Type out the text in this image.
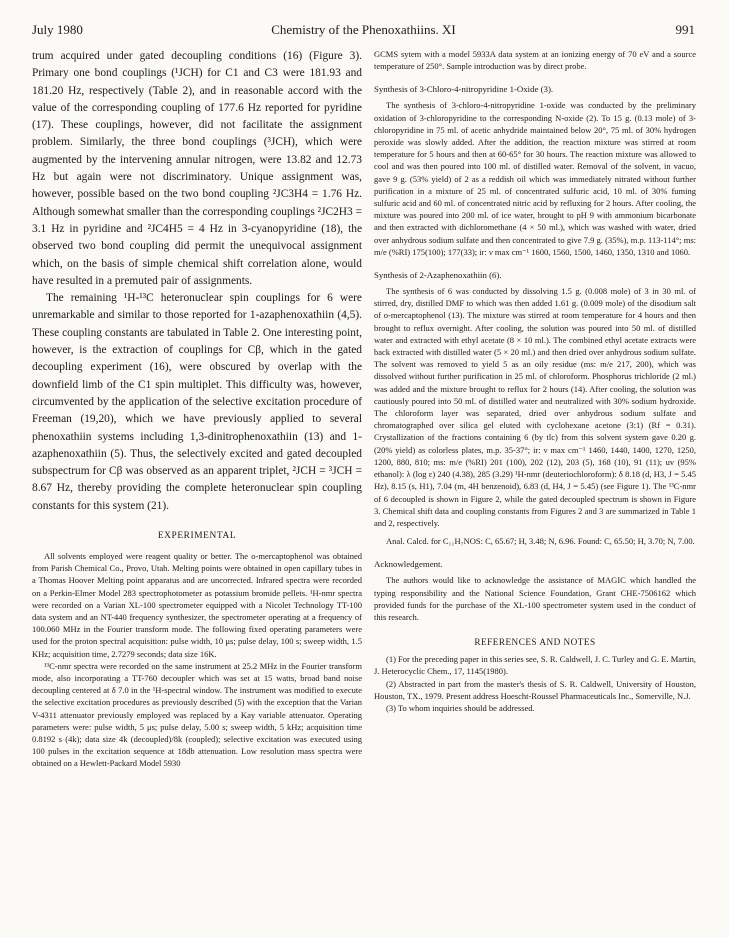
July 1980	Chemistry of the Phenoxathiins. XI	991

trum acquired under gated decoupling conditions (16) (Figure 3). Primary one bond couplings (¹JCH) for C1 and C3 were 181.93 and 181.20 Hz, respectively (Table 2), and in reasonable accord with the value of the corresponding coupling of 177.6 Hz reported for pyridine (17). These couplings, however, did not facilitate the assignment problem. Similarly, the three bond couplings (³JCH), which were augmented by the intervening annular nitrogen, were 13.82 and 12.73 Hz but again were not discriminatory. Unique assignment was, however, possible based on the two bond coupling ²JC3H4 = 1.76 Hz. Although somewhat smaller than the corresponding couplings ²JC2H3 = 3.1 Hz in pyridine and ²JC4H5 = 4 Hz in 3-cyanopyridine (18), the observed two bond coupling did permit the unequivocal assignment which, on the basis of simple chemical shift correlation alone, would have resulted in a premuted pair of assignments.

The remaining ¹H-¹³C heteronuclear spin couplings for 6 were unremarkable and similar to those reported for 1-azaphenoxathiin (4,5). These coupling constants are tabulated in Table 2. One interesting point, however, is the extraction of couplings for Cβ, which in the gated decoupling experiment (16), were obscured by overlap with the downfield limb of the C1 spin multiplet. This difficulty was, however, circumvented by the application of the selective excitation procedure of Freeman (19,20), which we have previously applied to several phenoxathiin systems including 1,3-dinitrophenoxathiin (13) and 1-azaphenoxathiin (5). Thus, the selectively excited and gated decoupled subspectrum for Cβ was observed as an apparent triplet, ²JCH = ³JCH = 8.67 Hz, thereby providing the complete heteronuclear spin coupling constants for this system (21).

EXPERIMENTAL

All solvents employed were reagent quality or better. The o-mercaptophenol was obtained from Parish Chemical Co., Provo, Utah. Melting points were obtained in open capillary tubes in a Thomas Hoover Melting point apparatus and are uncorrected. Infrared spectra were recorded on a Perkin-Elmer Model 283 spectrophotometer as potassium bromide pellets. ¹H-nmr spectra were recorded on a Varian XL-100 spectrometer equipped with a Nicolet Technology TT-100 data system and an NT-440 frequency synthesizer, the spectrometer operating at a frequency of 100.060 MHz in the Fourier transform mode. The following fixed operating parameters were used for the proton spectral acquisition: pulse width, 10 μs; pulse delay, 100 s; sweep width, 1.5 KHz; acquisition time, 2.7279 seconds; data size 16K.

¹³C-nmr spectra were recorded on the same instrument at 25.2 MHz in the Fourier transform mode, also incorporating a TT-760 decoupler which was set at 15 watts, broad band noise decoupling centered at δ 7.0 in the ¹H-spectral window. The instrument was modified to execute the selective excitation procedures as previously described (5) with the exception that the Varian V-4311 attenuator previously employed was replaced by a Kay variable attenuator. Operating parameters were: pulse width, 5 μs; pulse delay, 5.00 s; sweep width, 5 kHz; acquisition time 0.8192 s (4k); data size 4k (decoupled)/8k (coupled); selective excitation was executed using 100 pulses in the excitation sequence at 18db attenuation. Low resolution mass spectra were obtained on a Hewlett-Packard Model 5930

GCMS sytem with a model 5933A data system at an ionizing energy of 70 eV and a source temperature of 250°. Sample introduction was by direct probe.

Synthesis of 3-Chloro-4-nitropyridine 1-Oxide (3).

The synthesis of 3-chloro-4-nitropyridine 1-oxide was conducted by the preliminary oxidation of 3-chloropyridine to the corresponding N-oxide (2). To 15 g. (0.13 mole) of 3-chloropyridine in 75 ml. of acetic anhydride maintained below 20°, 75 ml. of 30% hydrogen peroxide was slowly added. After the addition, the reaction mixture was stirred at room temperature for 5 hours and then at 60-65° for 30 hours. The reaction mixture was allowed to cool and was then poured into 100 ml. of distilled water. Removal of the solvent, in vacuo, gave 9 g. (53% yield) of 2 as a reddish oil which was immediately nitrated without further purification in a mixture of 25 ml. of concentrated sulfuric acid, 10 ml. of 30% fuming sulfuric acid and 60 ml. of concentrated nitric acid by refluxing for 2 hours. After cooling, the mixture was poured into 200 ml. of ice water, brought to pH 9 with ammonium bicarbonate and then extracted with dichloromethane (4 × 50 ml.), which was washed with water, dried over anhydrous sodium sulfate and then concentrated to give 7.9 g. (35%), m.p. 113-114°; ms: m/e (%RI) 175(100); 177(33); ir: ν max cm⁻¹ 1600, 1560, 1500, 1460, 1350, 1310 and 1060.

Synthesis of 2-Azaphenoxathiin (6).

The synthesis of 6 was conducted by dissolving 1.5 g. (0.008 mole) of 3 in 30 ml. of stirred, dry, distilled DMF to which was then added 1.61 g. (0.009 mole) of the disodium salt of o-mercaptophenol (13). The mixture was stirred at room temperature for 4 hours and then brought to reflux overnight. After cooling, the solution was poured into 50 ml. of distilled water and extracted with ethyl acetate (8 × 10 ml.). The combined ethyl acetate extracts were back extracted with distilled water (5 × 20 ml.) and then dried over anhydrous sodium sulfate. The solvent was removed to yield 5 as an oily residue (ms: m/e 217, 200), which was dissolved without further purification in 25 ml. of chloroform. Phosphorus trichloride (2 ml.) was added and the mixture brought to reflux for 2 hours (14). After cooling, the solution was cautiously poured into 50 ml. of distilled water and neutralized with 30% sodium hydroxide. The chloroform layer was separated, dried over anhydrous sodium sulfate and chromatographed over silica gel eluted with cyclohexane acetone (3:1) (Rf = 0.31). Crystallization of the fractions containing 6 (by tlc) from this solvent system gave 0.20 g. (20% yield) as colorless plates, m.p. 35-37°; ir: ν max cm⁻¹ 1460, 1440, 1400, 1270, 1250, 1200, 880, 810; ms: m/e (%RI) 201 (100), 202 (12), 203 (5), 168 (10), 91 (11); uv (95% ethanol): λ (log ε) 240 (4.38), 285 (3.29) ¹H-nmr (deuteriochloroform): δ 8.18 (d, H3, J = 5.45 Hz), 8.15 (s, H1), 7.04 (m, 4H benzenoid), 6.83 (d, H4, J = 5.45) (see Figure 1). The ¹³C-nmr of 6 decoupled is shown in Figure 2, while the gated decoupled spectrum is shown in Figure 3. Chemical shift data and coupling constants from Figures 2 and 3 are summarized in Table 1 and 2, respectively.

Anal. Calcd. for C₁₁H₇NOS: C, 65.67; H, 3.48; N, 6.96. Found: C, 65.50; H, 3.70; N, 7.00.

Acknowledgement.

The authors would like to acknowledge the assistance of MAGIC which handled the typing responsibility and the National Science Foundation, Grant CHE-7506162 which provided funds for the purchase of the XL-100 spectrometer system used in the conduct of this research.

REFERENCES AND NOTES

(1) For the preceding paper in this series see, S. R. Caldwell, J. C. Turley and G. E. Martin, J. Heterocyclic Chem., 17, 1145(1980).

(2) Abstracted in part from the master's thesis of S. R. Caldwell, University of Houston, Houston, TX., 1979. Present address Hoescht-Roussel Pharmaceuticals Inc., Somerville, N.J.

(3) To whom inquiries should be addressed.
